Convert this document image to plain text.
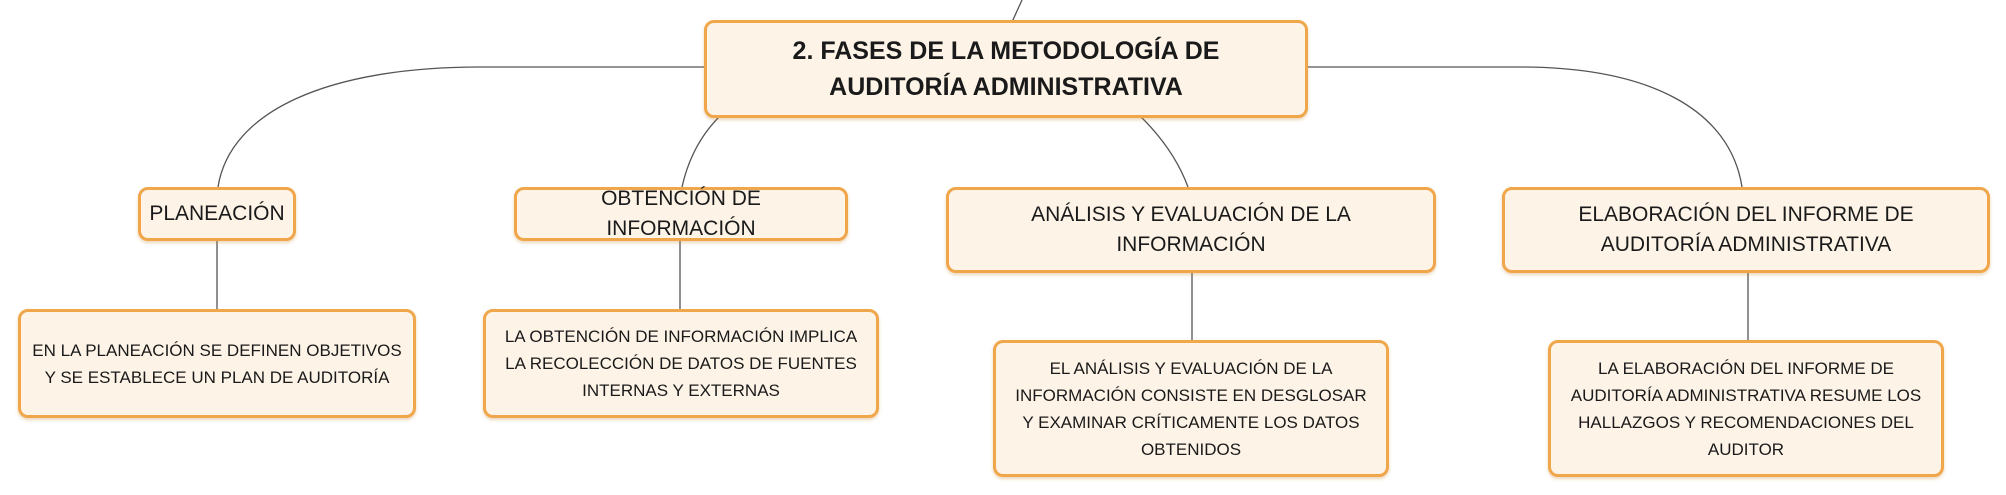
2. FASES DE LA METODOLOGÍA DE AUDITORÍA ADMINISTRATIVA
PLANEACIÓN
EN LA PLANEACIÓN SE DEFINEN OBJETIVOS Y SE ESTABLECE UN PLAN DE AUDITORÍA
OBTENCIÓN DE INFORMACIÓN
LA OBTENCIÓN DE INFORMACIÓN IMPLICA LA RECOLECCIÓN DE DATOS DE FUENTES INTERNAS Y EXTERNAS
ANÁLISIS Y EVALUACIÓN DE LA INFORMACIÓN
EL ANÁLISIS Y EVALUACIÓN DE LA INFORMACIÓN CONSISTE EN DESGLOSAR Y EXAMINAR CRÍTICAMENTE LOS DATOS OBTENIDOS
ELABORACIÓN DEL INFORME DE AUDITORÍA ADMINISTRATIVA
LA ELABORACIÓN DEL INFORME DE AUDITORÍA ADMINISTRATIVA RESUME LOS HALLAZGOS Y RECOMENDACIONES DEL AUDITOR
